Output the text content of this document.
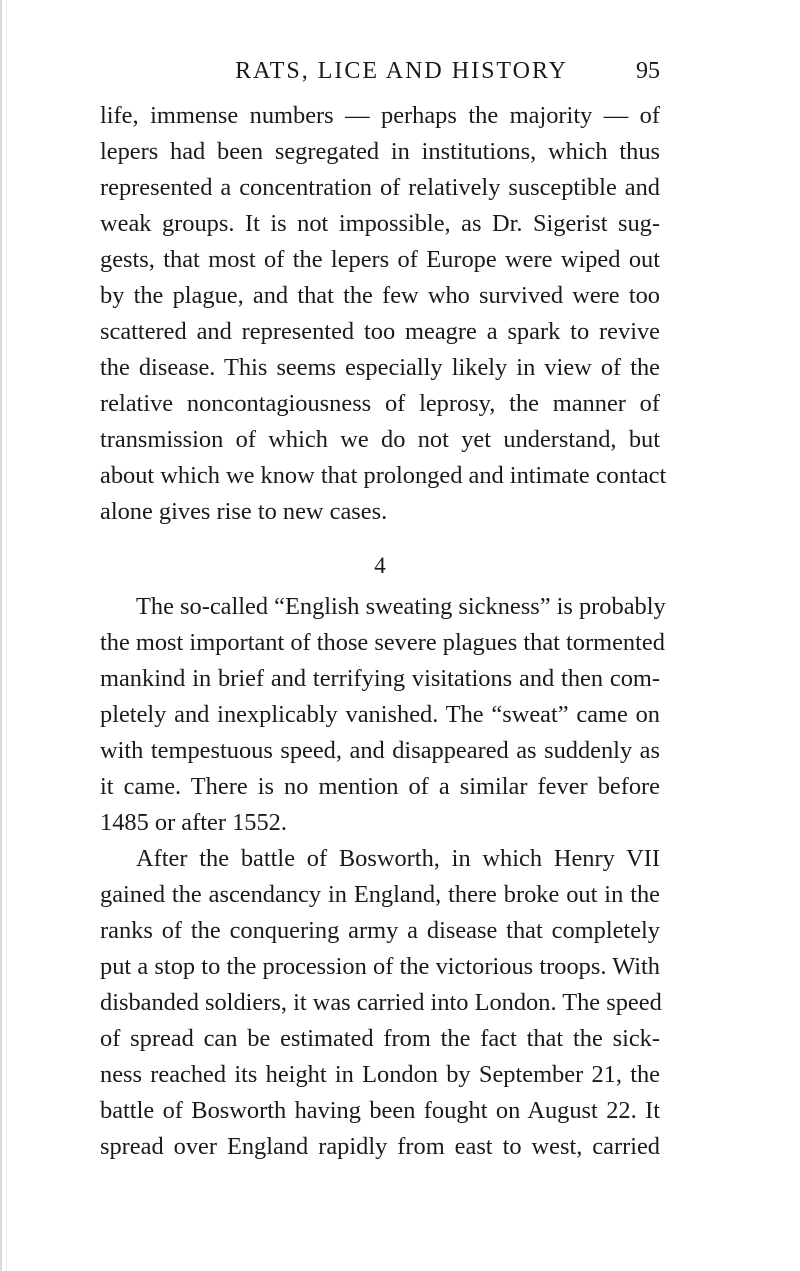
RATS, LICE AND HISTORY	95
life, immense numbers — perhaps the majority — of
lepers had been segregated in institutions, which thus
represented a concentration of relatively susceptible and
weak groups. It is not impossible, as Dr. Sigerist sug-
gests, that most of the lepers of Europe were wiped out
by the plague, and that the few who survived were too
scattered and represented too meagre a spark to revive
the disease. This seems especially likely in view of the
relative noncontagiousness of leprosy, the manner of
transmission of which we do not yet understand, but
about which we know that prolonged and intimate contact
alone gives rise to new cases.
4
The so-called “English sweating sickness” is probably
the most important of those severe plagues that tormented
mankind in brief and terrifying visitations and then com-
pletely and inexplicably vanished. The “sweat” came on
with tempestuous speed, and disappeared as suddenly as
it came. There is no mention of a similar fever before
1485 or after 1552.
After the battle of Bosworth, in which Henry VII
gained the ascendancy in England, there broke out in the
ranks of the conquering army a disease that completely
put a stop to the procession of the victorious troops. With
disbanded soldiers, it was carried into London. The speed
of spread can be estimated from the fact that the sick-
ness reached its height in London by September 21, the
battle of Bosworth having been fought on August 22. It
spread over England rapidly from east to west, carried
